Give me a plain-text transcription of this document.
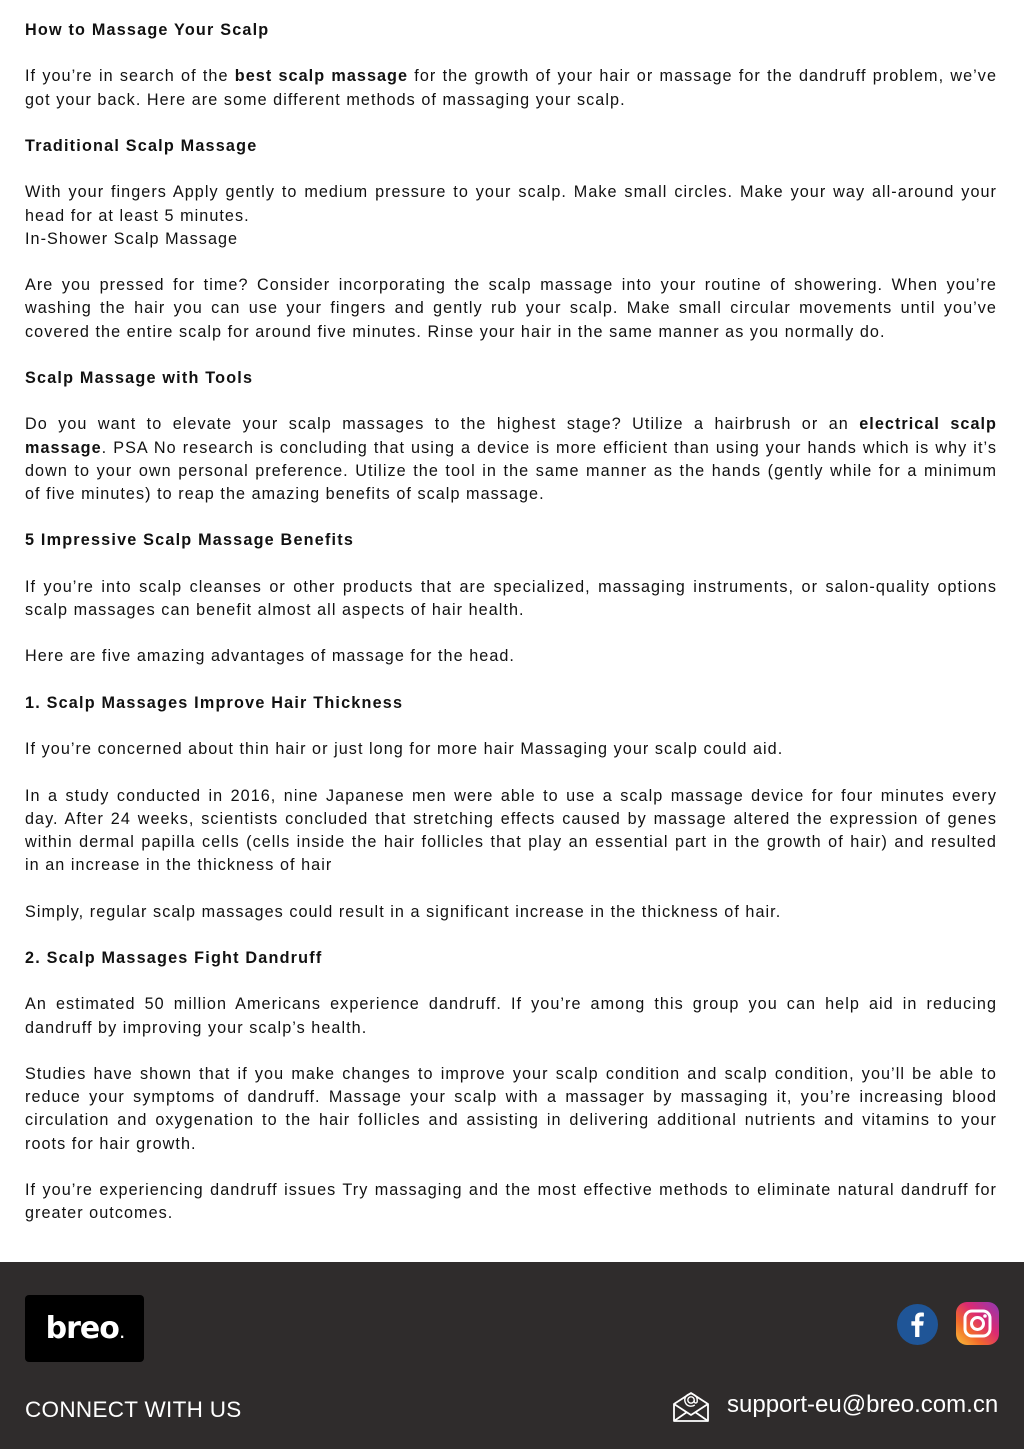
How to Massage Your Scalp

If you’re in search of the best scalp massage for the growth of your hair or massage for the dandruff problem, we’ve got your back. Here are some different methods of massaging your scalp.

Traditional Scalp Massage

With your fingers Apply gently to medium pressure to your scalp. Make small circles. Make your way all-around your head for at least 5 minutes.

In-Shower Scalp Massage

Are you pressed for time? Consider incorporating the scalp massage into your routine of showering. When you’re washing the hair you can use your fingers and gently rub your scalp. Make small circular movements until you’ve covered the entire scalp for around five minutes. Rinse your hair in the same manner as you normally do.

Scalp Massage with Tools

Do you want to elevate your scalp massages to the highest stage? Utilize a hairbrush or an electrical scalp massage. PSA No research is concluding that using a device is more efficient than using your hands which is why it’s down to your own personal preference. Utilize the tool in the same manner as the hands (gently while for a minimum of five minutes) to reap the amazing benefits of scalp massage.

5 Impressive Scalp Massage Benefits

If you’re into scalp cleanses or other products that are specialized, massaging instruments, or salon-quality options scalp massages can benefit almost all aspects of hair health.

Here are five amazing advantages of massage for the head.

1. Scalp Massages Improve Hair Thickness

If you’re concerned about thin hair or just long for more hair Massaging your scalp could aid.

In a study conducted in 2016, nine Japanese men were able to use a scalp massage device for four minutes every day. After 24 weeks, scientists concluded that stretching effects caused by massage altered the expression of genes within dermal papilla cells (cells inside the hair follicles that play an essential part in the growth of hair) and resulted in an increase in the thickness of hair

Simply, regular scalp massages could result in a significant increase in the thickness of hair.

2. Scalp Massages Fight Dandruff

An estimated 50 million Americans experience dandruff. If you’re among this group you can help aid in reducing dandruff by improving your scalp’s health.

Studies have shown that if you make changes to improve your scalp condition and scalp condition, you’ll be able to reduce your symptoms of dandruff. Massage your scalp with a massager by massaging it, you’re increasing blood circulation and oxygenation to the hair follicles and assisting in delivering additional nutrients and vitamins to your roots for hair growth.

If you’re experiencing dandruff issues Try massaging and the most effective methods to eliminate natural dandruff for greater outcomes.

breo.
CONNECT WITH US	support-eu@breo.com.cn
